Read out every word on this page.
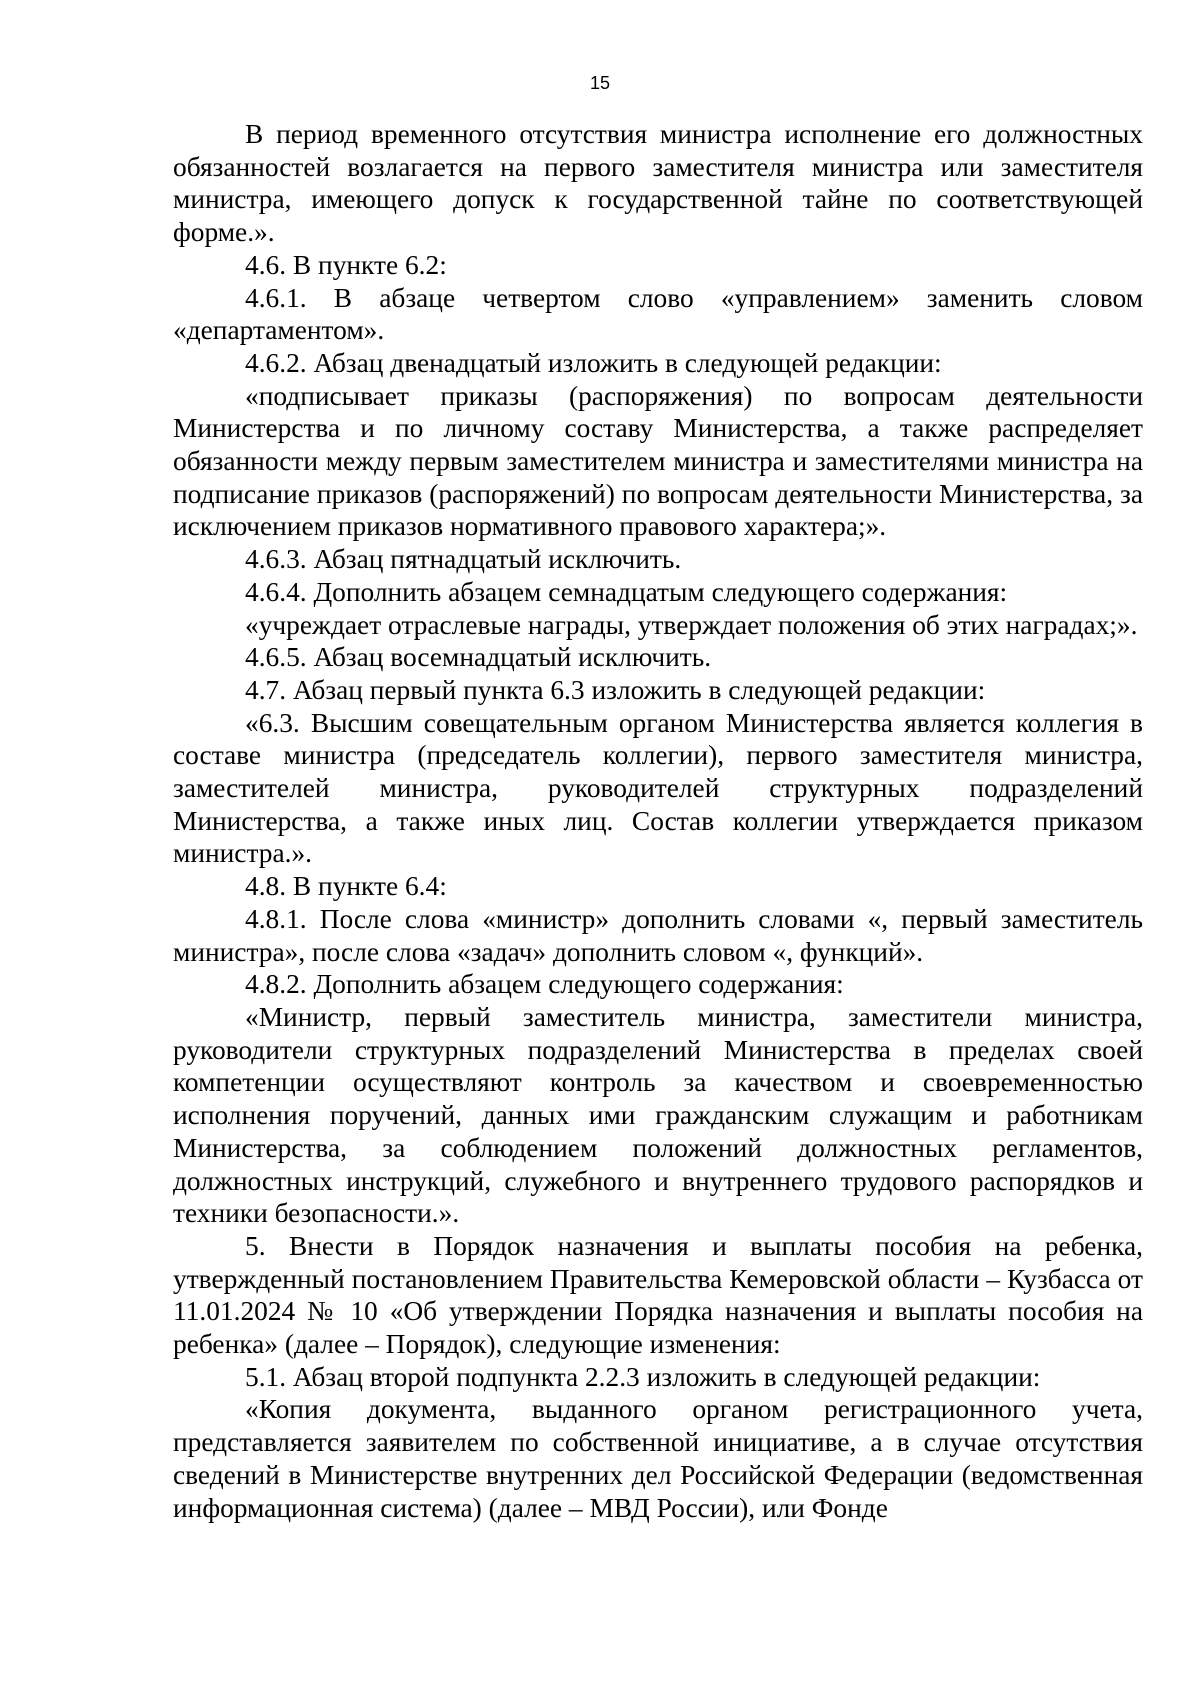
15

В период временного отсутствия министра исполнение его должностных обязанностей возлагается на первого заместителя министра или заместителя министра, имеющего допуск к государственной тайне по соответствующей форме.».

4.6. В пункте 6.2:

4.6.1. В абзаце четвертом слово «управлением» заменить словом «департаментом».

4.6.2. Абзац двенадцатый изложить в следующей редакции:

«подписывает приказы (распоряжения) по вопросам деятельности Министерства и по личному составу Министерства, а также распределяет обязанности между первым заместителем министра и заместителями министра на подписание приказов (распоряжений) по вопросам деятельности Министерства, за исключением приказов нормативного правового характера;».

4.6.3. Абзац пятнадцатый исключить.

4.6.4. Дополнить абзацем семнадцатым следующего содержания:

«учреждает отраслевые награды, утверждает положения об этих наградах;».

4.6.5. Абзац восемнадцатый исключить.

4.7. Абзац первый пункта 6.3 изложить в следующей редакции:

«6.3. Высшим совещательным органом Министерства является коллегия в составе министра (председатель коллегии), первого заместителя министра, заместителей министра, руководителей структурных подразделений Министерства, а также иных лиц. Состав коллегии утверждается приказом министра.».

4.8. В пункте 6.4:

4.8.1. После слова «министр» дополнить словами «, первый заместитель министра», после слова «задач» дополнить словом «, функций».

4.8.2. Дополнить абзацем следующего содержания:

«Министр, первый заместитель министра, заместители министра, руководители структурных подразделений Министерства в пределах своей компетенции осуществляют контроль за качеством и своевременностью исполнения поручений, данных ими гражданским служащим и работникам Министерства, за соблюдением положений должностных регламентов, должностных инструкций, служебного и внутреннего трудового распорядков и техники безопасности.».

5. Внести в Порядок назначения и выплаты пособия на ребенка, утвержденный постановлением Правительства Кемеровской области – Кузбасса от 11.01.2024 № 10 «Об утверждении Порядка назначения и выплаты пособия на ребенка» (далее – Порядок), следующие изменения:

5.1. Абзац второй подпункта 2.2.3 изложить в следующей редакции:

«Копия документа, выданного органом регистрационного учета, представляется заявителем по собственной инициативе, а в случае отсутствия сведений в Министерстве внутренних дел Российской Федерации (ведомственная информационная система) (далее – МВД России), или Фонде
